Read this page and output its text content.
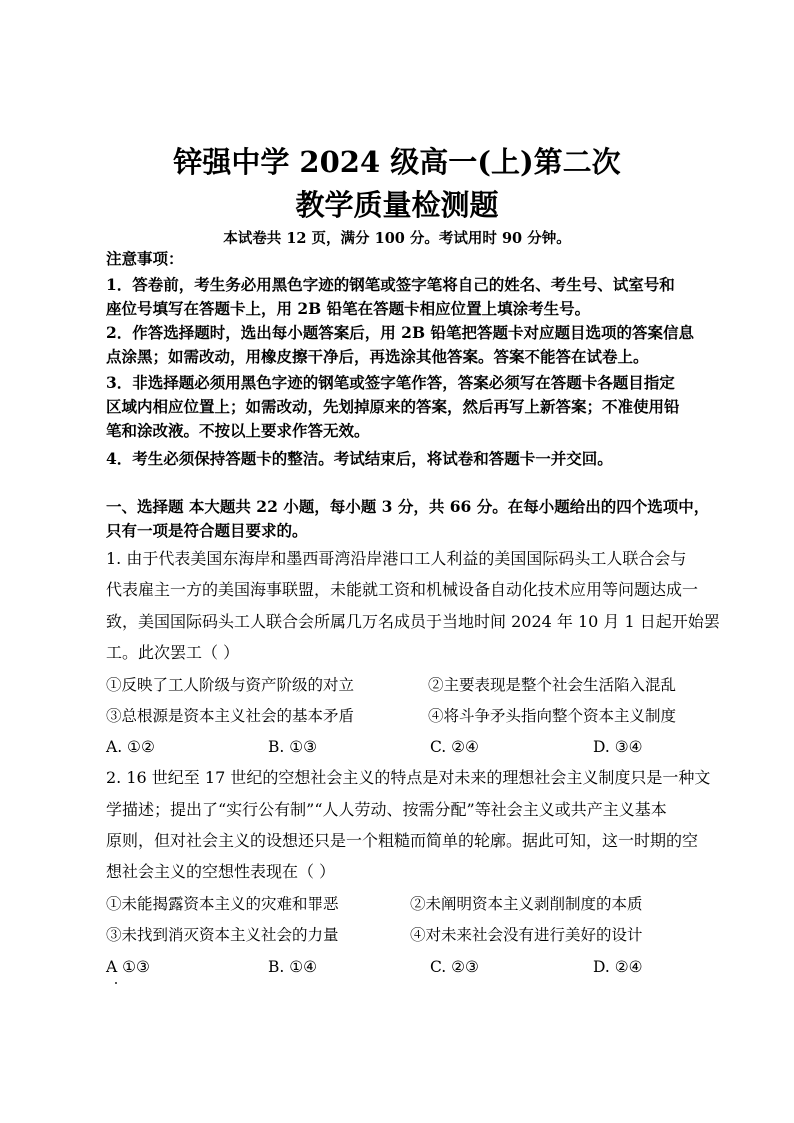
锌强中学 2024 级高一(上)第二次
教学质量检测题
本试卷共 12 页，满分 100 分。考试用时 90 分钟。
注意事项：
1．答卷前，考生务必用黑色字迹的钢笔或签字笔将自己的姓名、考生号、试室号和
座位号填写在答题卡上，用 2B 铅笔在答题卡相应位置上填涂考生号。
2．作答选择题时，选出每小题答案后，用 2B 铅笔把答题卡对应题目选项的答案信息
点涂黑；如需改动，用橡皮擦干净后，再选涂其他答案。答案不能答在试卷上。
3．非选择题必须用黑色字迹的钢笔或签字笔作答，答案必须写在答题卡各题目指定
区域内相应位置上；如需改动，先划掉原来的答案，然后再写上新答案；不准使用铅
笔和涂改液。不按以上要求作答无效。
4．考生必须保持答题卡的整洁。考试结束后，将试卷和答题卡一并交回。
一、选择题 本大题共 22 小题，每小题 3 分，共 66 分。在每小题给出的四个选项中，
只有一项是符合题目要求的。
1. 由于代表美国东海岸和墨西哥湾沿岸港口工人利益的美国国际码头工人联合会与
代表雇主一方的美国海事联盟，未能就工资和机械设备自动化技术应用等问题达成一
致，美国国际码头工人联合会所属几万名成员于当地时间 2024 年 10 月 1 日起开始罢
工。此次罢工（ ）
①反映了工人阶级与资产阶级的对立	②主要表现是整个社会生活陷入混乱
③总根源是资本主义社会的基本矛盾	④将斗争矛头指向整个资本主义制度
A. ①②	B. ①③	C. ②④	D. ③④
2. 16 世纪至 17 世纪的空想社会主义的特点是对未来的理想社会主义制度只是一种文
学描述；提出了“实行公有制”“人人劳动、按需分配”等社会主义或共产主义基本
原则，但对社会主义的设想还只是一个粗糙而简单的轮廓。据此可知，这一时期的空
想社会主义的空想性表现在（ ）
①未能揭露资本主义的灾难和罪恶	②未阐明资本主义剥削制度的本质
③未找到消灭资本主义社会的力量	④对未来社会没有进行美好的设计
A ①③	B. ①④	C. ②③	D. ②④
